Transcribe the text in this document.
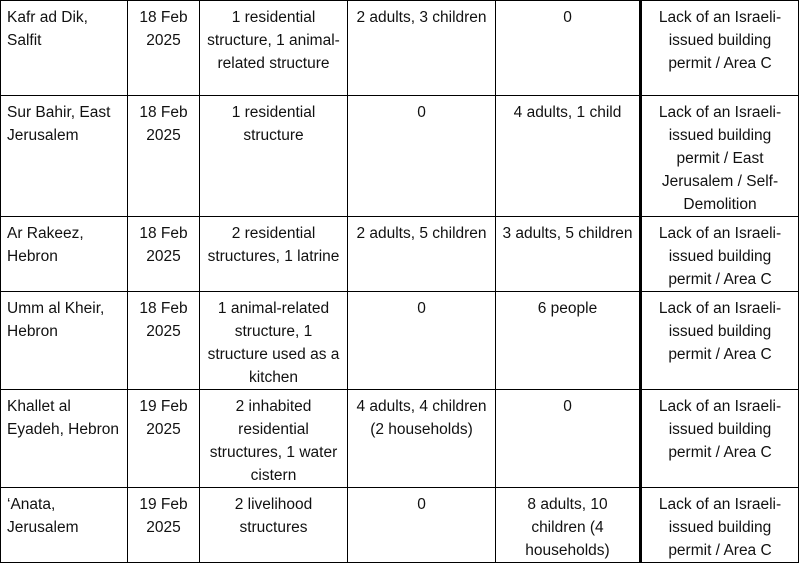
Kafr ad Dik, Salfit	18 Feb 2025	1 residential structure, 1 animal-related structure	2 adults, 3 children	0	Lack of an Israeli-issued building permit / Area C
Sur Bahir, East Jerusalem	18 Feb 2025	1 residential structure	0	4 adults, 1 child	Lack of an Israeli-issued building permit / East Jerusalem / Self-Demolition
Ar Rakeez, Hebron	18 Feb 2025	2 residential structures, 1 latrine	2 adults, 5 children	3 adults, 5 children	Lack of an Israeli-issued building permit / Area C
Umm al Kheir, Hebron	18 Feb 2025	1 animal-related structure, 1 structure used as a kitchen	0	6 people	Lack of an Israeli-issued building permit / Area C
Khallet al Eyadeh, Hebron	19 Feb 2025	2 inhabited residential structures, 1 water cistern	4 adults, 4 children (2 households)	0	Lack of an Israeli-issued building permit / Area C
‘Anata, Jerusalem	19 Feb 2025	2 livelihood structures	0	8 adults, 10 children (4 households)	Lack of an Israeli-issued building permit / Area C
